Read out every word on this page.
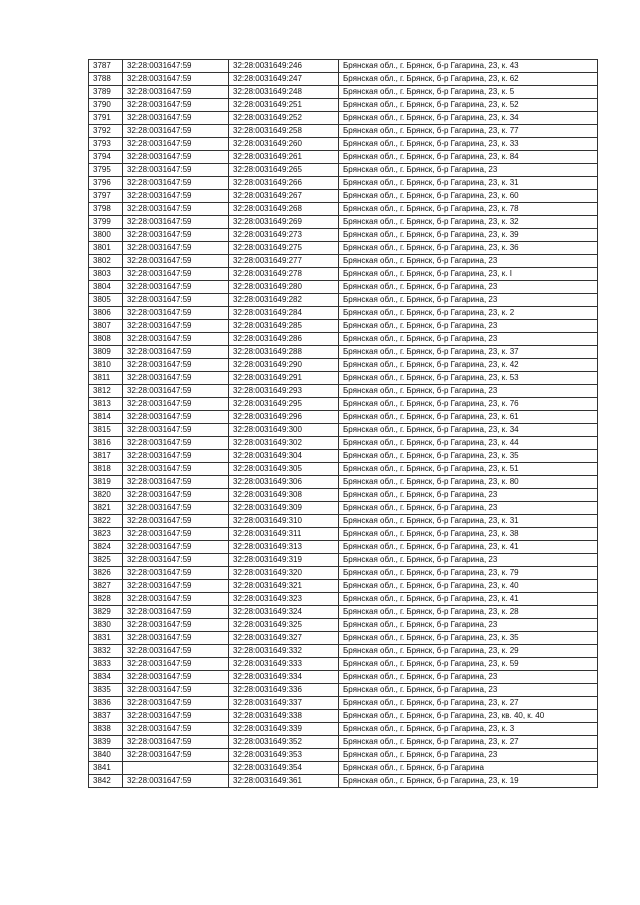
3787	32:28:0031647:59	32:28:0031649:246	Брянская обл., г. Брянск, б-р Гагарина, 23, к. 43
3788	32:28:0031647:59	32:28:0031649:247	Брянская обл., г. Брянск, б-р Гагарина, 23, к. 62
3789	32:28:0031647:59	32:28:0031649:248	Брянская обл., г. Брянск, б-р Гагарина, 23, к. 5
3790	32:28:0031647:59	32:28:0031649:251	Брянская обл., г. Брянск, б-р Гагарина, 23, к. 52
3791	32:28:0031647:59	32:28:0031649:252	Брянская обл., г. Брянск, б-р Гагарина, 23, к. 34
3792	32:28:0031647:59	32:28:0031649:258	Брянская обл., г. Брянск, б-р Гагарина, 23, к. 77
3793	32:28:0031647:59	32:28:0031649:260	Брянская обл., г. Брянск, б-р Гагарина, 23, к. 33
3794	32:28:0031647:59	32:28:0031649:261	Брянская обл., г. Брянск, б-р Гагарина, 23, к. 84
3795	32:28:0031647:59	32:28:0031649:265	Брянская обл., г. Брянск, б-р Гагарина, 23
3796	32:28:0031647:59	32:28:0031649:266	Брянская обл., г. Брянск, б-р Гагарина, 23, к. 31
3797	32:28:0031647:59	32:28:0031649:267	Брянская обл., г. Брянск, б-р Гагарина, 23, к. 60
3798	32:28:0031647:59	32:28:0031649:268	Брянская обл., г. Брянск, б-р Гагарина, 23, к. 78
3799	32:28:0031647:59	32:28:0031649:269	Брянская обл., г. Брянск, б-р Гагарина, 23, к. 32
3800	32:28:0031647:59	32:28:0031649:273	Брянская обл., г. Брянск, б-р Гагарина, 23, к. 39
3801	32:28:0031647:59	32:28:0031649:275	Брянская обл., г. Брянск, б-р Гагарина, 23, к. 36
3802	32:28:0031647:59	32:28:0031649:277	Брянская обл., г. Брянск, б-р Гагарина, 23
3803	32:28:0031647:59	32:28:0031649:278	Брянская обл., г. Брянск, б-р Гагарина, 23, к. I
3804	32:28:0031647:59	32:28:0031649:280	Брянская обл., г. Брянск, б-р Гагарина, 23
3805	32:28:0031647:59	32:28:0031649:282	Брянская обл., г. Брянск, б-р Гагарина, 23
3806	32:28:0031647:59	32:28:0031649:284	Брянская обл., г. Брянск, б-р Гагарина, 23, к. 2
3807	32:28:0031647:59	32:28:0031649:285	Брянская обл., г. Брянск, б-р Гагарина, 23
3808	32:28:0031647:59	32:28:0031649:286	Брянская обл., г. Брянск, б-р Гагарина, 23
3809	32:28:0031647:59	32:28:0031649:288	Брянская обл., г. Брянск, б-р Гагарина, 23, к. 37
3810	32:28:0031647:59	32:28:0031649:290	Брянская обл., г. Брянск, б-р Гагарина, 23, к. 42
3811	32:28:0031647:59	32:28:0031649:291	Брянская обл., г. Брянск, б-р Гагарина, 23, к. 53
3812	32:28:0031647:59	32:28:0031649:293	Брянская обл., г. Брянск, б-р Гагарина, 23
3813	32:28:0031647:59	32:28:0031649:295	Брянская обл., г. Брянск, б-р Гагарина, 23, к. 76
3814	32:28:0031647:59	32:28:0031649:296	Брянская обл., г. Брянск, б-р Гагарина, 23, к. 61
3815	32:28:0031647:59	32:28:0031649:300	Брянская обл., г. Брянск, б-р Гагарина, 23, к. 34
3816	32:28:0031647:59	32:28:0031649:302	Брянская обл., г. Брянск, б-р Гагарина, 23, к. 44
3817	32:28:0031647:59	32:28:0031649:304	Брянская обл., г. Брянск, б-р Гагарина, 23, к. 35
3818	32:28:0031647:59	32:28:0031649:305	Брянская обл., г. Брянск, б-р Гагарина, 23, к. 51
3819	32:28:0031647:59	32:28:0031649:306	Брянская обл., г. Брянск, б-р Гагарина, 23, к. 80
3820	32:28:0031647:59	32:28:0031649:308	Брянская обл., г. Брянск, б-р Гагарина, 23
3821	32:28:0031647:59	32:28:0031649:309	Брянская обл., г. Брянск, б-р Гагарина, 23
3822	32:28:0031647:59	32:28:0031649:310	Брянская обл., г. Брянск, б-р Гагарина, 23, к. 31
3823	32:28:0031647:59	32:28:0031649:311	Брянская обл., г. Брянск, б-р Гагарина, 23, к. 38
3824	32:28:0031647:59	32:28:0031649:313	Брянская обл., г. Брянск, б-р Гагарина, 23, к. 41
3825	32:28:0031647:59	32:28:0031649:319	Брянская обл., г. Брянск, б-р Гагарина, 23
3826	32:28:0031647:59	32:28:0031649:320	Брянская обл., г. Брянск, б-р Гагарина, 23, к. 79
3827	32:28:0031647:59	32:28:0031649:321	Брянская обл., г. Брянск, б-р Гагарина, 23, к. 40
3828	32:28:0031647:59	32:28:0031649:323	Брянская обл., г. Брянск, б-р Гагарина, 23, к. 41
3829	32:28:0031647:59	32:28:0031649:324	Брянская обл., г. Брянск, б-р Гагарина, 23, к. 28
3830	32:28:0031647:59	32:28:0031649:325	Брянская обл., г. Брянск, б-р Гагарина, 23
3831	32:28:0031647:59	32:28:0031649:327	Брянская обл., г. Брянск, б-р Гагарина, 23, к. 35
3832	32:28:0031647:59	32:28:0031649:332	Брянская обл., г. Брянск, б-р Гагарина, 23, к. 29
3833	32:28:0031647:59	32:28:0031649:333	Брянская обл., г. Брянск, б-р Гагарина, 23, к. 59
3834	32:28:0031647:59	32:28:0031649:334	Брянская обл., г. Брянск, б-р Гагарина, 23
3835	32:28:0031647:59	32:28:0031649:336	Брянская обл., г. Брянск, б-р Гагарина, 23
3836	32:28:0031647:59	32:28:0031649:337	Брянская обл., г. Брянск, б-р Гагарина, 23, к. 27
3837	32:28:0031647:59	32:28:0031649:338	Брянская обл., г. Брянск, б-р Гагарина, 23, кв. 40, к. 40
3838	32:28:0031647:59	32:28:0031649:339	Брянская обл., г. Брянск, б-р Гагарина, 23, к. 3
3839	32:28:0031647:59	32:28:0031649:352	Брянская обл., г. Брянск, б-р Гагарина, 23, к. 27
3840	32:28:0031647:59	32:28:0031649:353	Брянская обл., г. Брянск, б-р Гагарина, 23
3841		32:28:0031649:354	Брянская обл., г. Брянск, б-р Гагарина
3842	32:28:0031647:59	32:28:0031649:361	Брянская обл., г. Брянск, б-р Гагарина, 23, к. 19
